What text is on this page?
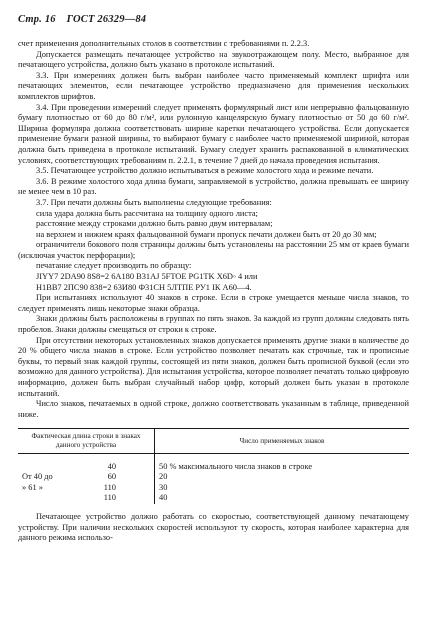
Стр. 16 ГОСТ 26329—84

счет применения дополнительных столов в соответствии с требованиями п. 2.2.3.

Допускается размещать печатающее устройство на звукоотражающем полу. Место, выбранное для печатающего устройства, должно быть указано в протоколе испытаний.

3.3. При измерениях должен быть выбран наиболее часто применяемый комплект шрифта или печатающих элементов, если печатающее устройство предназначено для применения нескольких комплектов шрифтов.

3.4. При проведении измерений следует применять формулярный лист или непрерывно фальцованную бумагу плотностью от 60 до 80 г/м², или рулонную канцелярскую бумагу плотностью от 50 до 60 г/м². Ширина формуляра должна соответствовать ширине каретки печатающего устройства. Если допускается применение бумаги разной ширины, то выбирают бумагу с наиболее часто применяемой шириной, которая должна быть приведена в протоколе испытаний. Бумагу следует хранить распакованной в климатических условиях, соответствующих требованиям п. 2.2.1, в течение 7 дней до начала проведения испытания.

3.5. Печатающее устройство должно испытываться в режиме холостого хода и режиме печати.

3.6. В режиме холостого хода длина бумаги, заправляемой в устройство, должна превышать ее ширину не менее чем в 10 раз.

3.7. При печати должны быть выполнены следующие требования:

сила удара должна быть рассчитана на толщину одного листа;

расстояние между строками должно быть равно двум интервалам;

на верхнем и нижнем краях фальцованной бумаги пропуск печати должен быть от 20 до 30 мм;

ограничители бокового поля страницы должны быть установлены на расстоянии 25 мм от краев бумаги (исключая участок перфорации);

печатание следует производить по образцу:

JIYY7 2DA90 8S8=2 6A180 B31AJ 5FTOE PG1TK X6D◦ 4 или

H1BB7 2ПС90 838=2 63И80 Ф31СН 5ЛТПЕ РУ1 IК А60—4.

При испытаниях используют 40 знаков в строке. Если в строке умещается меньше числа знаков, то следует применять лишь некоторые знаки образца.

Знаки должны быть расположены в группах по пять знаков. За каждой из групп должны следовать пять пробелов. Знаки должны смещаться от строки к строке.

При отсутствии некоторых установленных знаков допускается применять другие знаки в количестве до 20 % общего числа знаков в строке. Если устройство позволяет печатать как строчные, так и прописные буквы, то первый знак каждой группы, состоящей из пяти знаков, должен быть прописной буквой (если это возможно для данного устройства). Для испытания устройства, которое позволяет печатать только цифровую информацию, должен быть выбран случайный набор цифр, который должен быть указан в протоколе испытаний.

Число знаков, печатаемых в одной строке, должно соответствовать указанным в таблице, приведенной ниже.

Фактическая длина строки в знаках данного устройства	Число применяемых знаков
40	50 % максимального числа знаков в строке
От 40 до 60	20
» 61 » 110	30
110	40

Печатающее устройство должно работать со скоростью, соответствующей данному печатающему устройству. При наличии нескольких скоростей используют ту скорость, которая наиболее характерна для данного режима использо-
